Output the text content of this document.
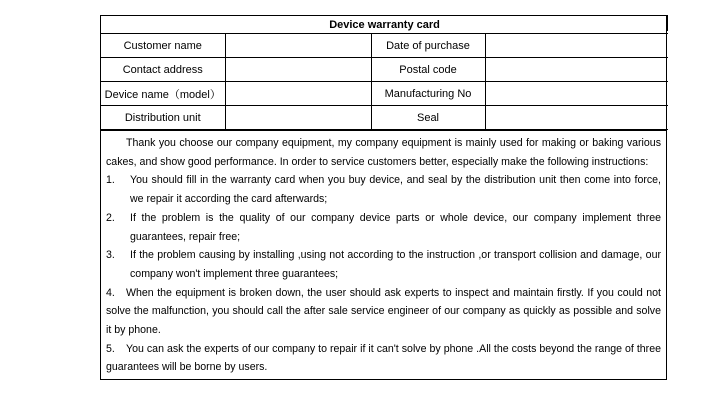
Device warranty card			
Customer name		Date of purchase	
Contact address		Postal code	
Device name（model）		Manufacturing No	
Distribution unit		Seal	

Thank you choose our company equipment, my company equipment is mainly used for making or baking various cakes, and show good performance. In order to service customers better, especially make the following instructions:

1.	You should fill in the warranty card when you buy device, and seal by the distribution unit then come into force, we repair it according the card afterwards;
2.	If the problem is the quality of our company device parts or whole device, our company implement three guarantees, repair free;
3.	If the problem causing by installing ,using not according to the instruction ,or transport collision and damage, our company won't implement three guarantees;

4. When the equipment is broken down, the user should ask experts to inspect and maintain firstly. If you could not solve the malfunction, you should call the after sale service engineer of our company as quickly as possible and solve it by phone.

5. You can ask the experts of our company to repair if it can't solve by phone .All the costs beyond the range of three guarantees will be borne by users.
